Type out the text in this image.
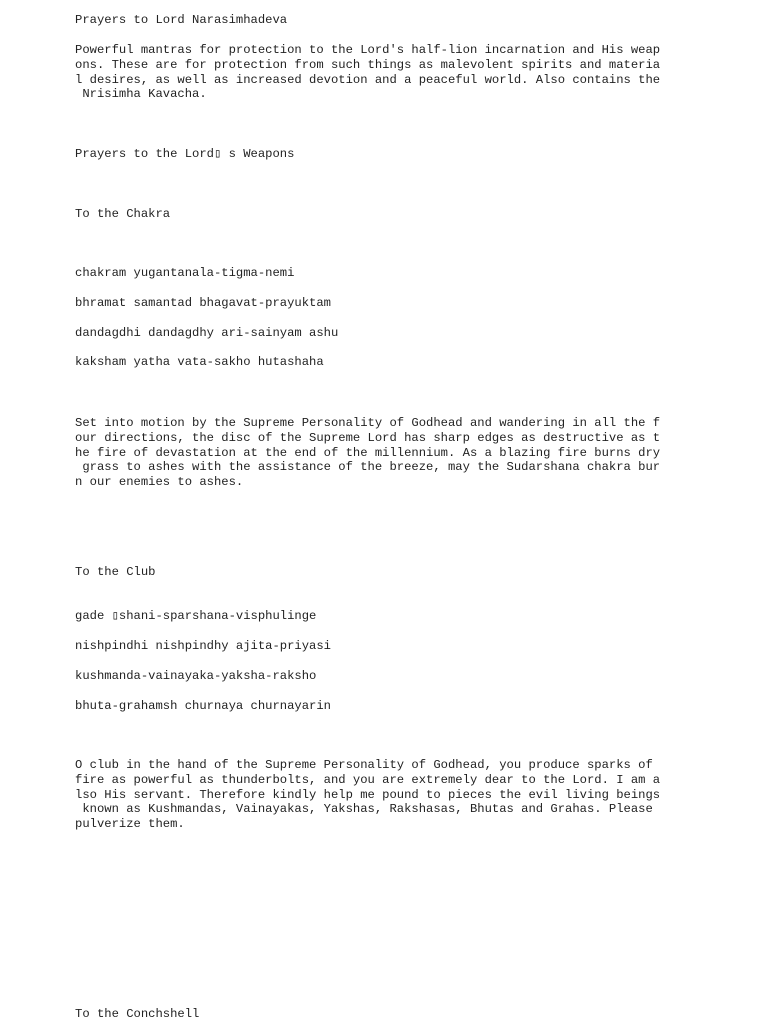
Prayers to Lord Narasimhadeva

Powerful mantras for protection to the Lord's half-lion incarnation and His weap
ons. These are for protection from such things as malevolent spirits and materia
l desires, as well as increased devotion and a peaceful world. Also contains the
Nrisimha Kavacha.

Prayers to the Lord▯ s Weapons

To the Chakra

chakram yugantanala-tigma-nemi

bhramat samantad bhagavat-prayuktam

dandagdhi dandagdhy ari-sainyam ashu

kaksham yatha vata-sakho hutashaha

Set into motion by the Supreme Personality of Godhead and wandering in all the f
our directions, the disc of the Supreme Lord has sharp edges as destructive as t
he fire of devastation at the end of the millennium. As a blazing fire burns dry
grass to ashes with the assistance of the breeze, may the Sudarshana chakra bur
n our enemies to ashes.

To the Club

gade ▯shani-sparshana-visphulinge

nishpindhi nishpindhy ajita-priyasi

kushmanda-vainayaka-yaksha-raksho

bhuta-grahamsh churnaya churnayarin

O club in the hand of the Supreme Personality of Godhead, you produce sparks of
fire as powerful as thunderbolts, and you are extremely dear to the Lord. I am a
lso His servant. Therefore kindly help me pound to pieces the evil living beings
known as Kushmandas, Vainayakas, Yakshas, Rakshasas, Bhutas and Grahas. Please
pulverize them.

To the Conchshell
